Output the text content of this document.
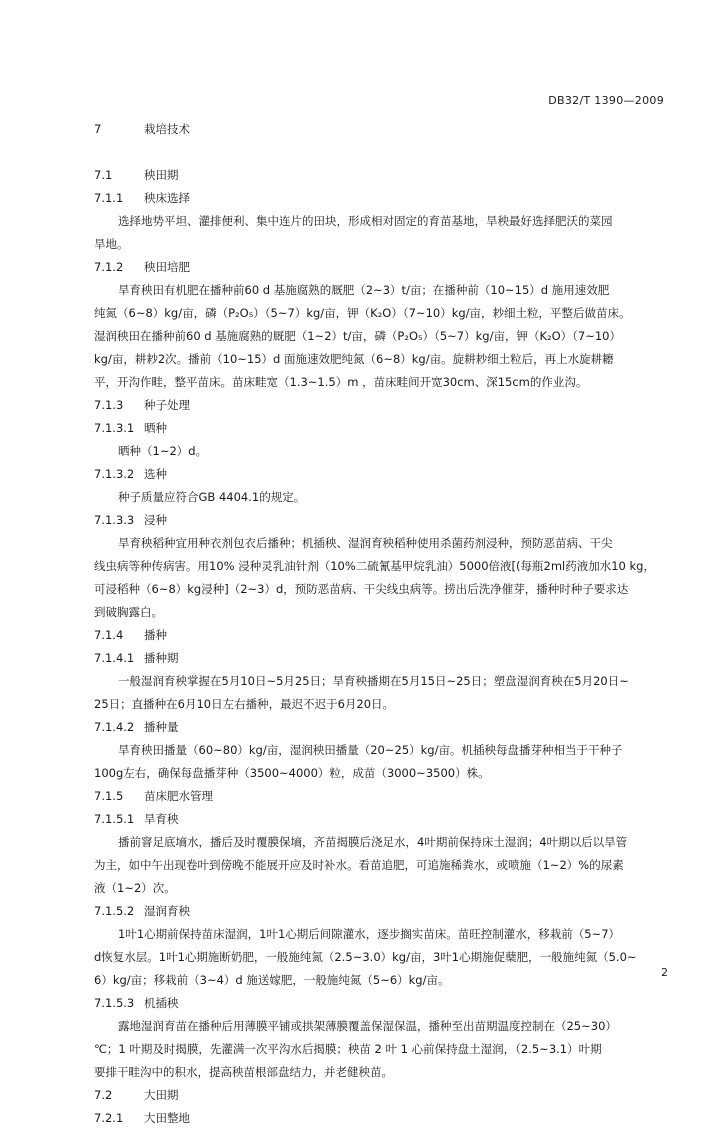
DB32/T 1390—2009
7	栽培技术
7.1	秧田期
7.1.1 秧床选择
选择地势平坦、灌排便利、集中连片的田块，形成相对固定的育苗基地，旱秧最好选择肥沃的菜园
旱地。
7.1.2 秧田培肥
旱育秧田有机肥在播种前60 d 基施腐熟的厩肥（2~3）t/亩；在播种前（10~15）d 施用速效肥
纯氮（6~8）kg/亩，磷（P₂O₅）（5~7）kg/亩，钾（K₂O）（7~10）kg/亩，耖细土粒，平整后做苗床。
湿润秧田在播种前60 d 基施腐熟的厩肥（1~2）t/亩，磷（P₂O₅）（5~7）kg/亩，钾（K₂O）（7~10）
kg/亩，耕耖2次。播前（10~15）d 面施速效肥纯氮（6~8）kg/亩。旋耕耖细土粒后，再上水旋耕耱
平，开沟作畦，整平苗床。苗床畦宽（1.3~1.5）m ，苗床畦间开宽30cm、深15cm的作业沟。
7.1.3 种子处理
7.1.3.1 晒种
晒种（1~2）d。
7.1.3.2 选种
种子质量应符合GB 4404.1的规定。
7.1.3.3 浸种
旱育秧稻种宜用种衣剂包衣后播种；机插秧、湿润育秧稻种使用杀菌药剂浸种，预防恶苗病、干尖
线虫病等种传病害。用10% 浸种灵乳油针剂（10%二硫氰基甲烷乳油）5000倍液[(每瓶2ml药液加水10 kg，
可浸稻种（6~8）kg浸种]（2~3）d，预防恶苗病、干尖线虫病等。捞出后洗净催芽，播种时种子要求达
到破胸露白。
7.1.4 播种
7.1.4.1 播种期
一般湿润育秧掌握在5月10日~5月25日；旱育秧播期在5月15日~25日；塑盘湿润育秧在5月20日~
25日；直播种在6月10日左右播种，最迟不迟于6月20日。
7.1.4.2 播种量
旱育秧田播量（60~80）kg/亩，湿润秧田播量（20~25）kg/亩。机插秧每盘播芽种相当于干种子
100g左右，确保每盘播芽种（3500~4000）粒，成苗（3000~3500）株。
7.1.5 苗床肥水管理
7.1.5.1 旱育秧
播前窨足底墒水，播后及时覆膜保墒，齐苗揭膜后浇足水，4叶期前保持床土湿润；4叶期以后以旱管
为主，如中午出现卷叶到傍晚不能展开应及时补水。看苗追肥，可追施稀粪水，或喷施（1~2）%的尿素
液（1~2）次。
7.1.5.2 湿润育秧
1叶1心期前保持苗床湿润，1叶1心期后间隙灌水，逐步搁实苗床。苗旺控制灌水，移栽前（5~7）
d恢复水层。1叶1心期施断奶肥，一般施纯氮（2.5~3.0）kg/亩，3叶1心期施促蘖肥，一般施纯氮（5.0~
6）kg/亩；移栽前（3~4）d 施送嫁肥，一般施纯氮（5~6）kg/亩。
7.1.5.3 机插秧
露地湿润育苗在播种后用薄膜平铺或拱架薄膜覆盖保湿保温，播种至出苗期温度控制在（25~30）
℃；1 叶期及时揭膜，先灌满一次平沟水后揭膜；秧苗 2 叶 1 心前保持盘土湿润，（2.5~3.1）叶期
要排干畦沟中的积水，提高秧苗根部盘结力，并老健秧苗。
7.2	大田期
7.2.1 大田整地
2
